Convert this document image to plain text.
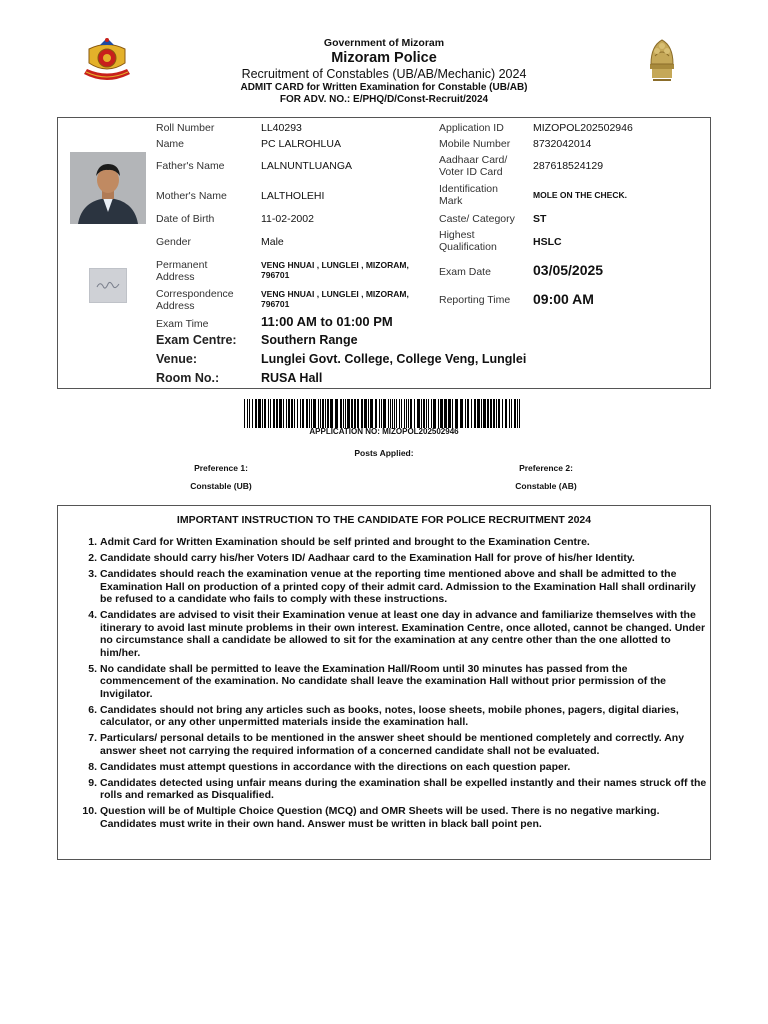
Government of Mizoram
Mizoram Police
Recruitment of Constables (UB/AB/Mechanic) 2024
ADMIT CARD for Written Examination for Constable (UB/AB)
FOR ADV. NO.: E/PHQ/D/Const-Recruit/2024
Roll Number	LL40293
Name	PC LALROHLUA
Father's Name	LALNUNTLUANGA
Mother's Name	LALTHOLEHI
Date of Birth	11-02-2002
Gender	Male
Permanent Address
VENG HNUAI , LUNGLEI , MIZORAM, 796701
Correspondence Address
VENG HNUAI , LUNGLEI , MIZORAM, 796701
Exam Time	11:00 AM to 01:00 PM
Exam Centre: Southern Range
Venue:	Lunglei Govt. College, College Veng, Lunglei
Room No.:	RUSA Hall
Application ID	MIZOPOL202502946
Mobile Number 8732042014
Aadhaar Card/ Voter ID Card	287618524129
Identification Mark	MOLE ON THE CHECK.
Caste/ Category ST
Highest Qualification	HSLC
Exam Date	03/05/2025
Reporting Time 09:00 AM
APPLICATION NO: MIZOPOL202502946
Posts Applied:
Preference 1:
Constable (UB)
Preference 2:
Constable (AB)
IMPORTANT INSTRUCTION TO THE CANDIDATE FOR POLICE RECRUITMENT 2024
1. Admit Card for Written Examination should be self printed and brought to the Examination Centre.
2. Candidate should carry his/her Voters ID/ Aadhaar card to the Examination Hall for prove of his/her Identity.
3. Candidates should reach the examination venue at the reporting time mentioned above and shall be admitted to the Examination Hall on production of a printed copy of their admit card. Admission to the Examination Hall shall ordinarily be refused to a candidate who fails to comply with these instructions.
4. Candidates are advised to visit their Examination venue at least one day in advance and familiarize themselves with the itinerary to avoid last minute problems in their own interest. Examination Centre, once alloted, cannot be changed. Under no circumstance shall a candidate be allowed to sit for the examination at any centre other than the one allotted to him/her.
5. No candidate shall be permitted to leave the Examination Hall/Room until 30 minutes has passed from the commencement of the examination. No candidate shall leave the examination Hall without prior permission of the Invigilator.
6. Candidates should not bring any articles such as books, notes, loose sheets, mobile phones, pagers, digital diaries, calculator, or any other unpermitted materials inside the examination hall.
7. Particulars/ personal details to be mentioned in the answer sheet should be mentioned completely and correctly. Any answer sheet not carrying the required information of a concerned candidate shall not be evaluated.
8. Candidates must attempt questions in accordance with the directions on each question paper.
9. Candidates detected using unfair means during the examination shall be expelled instantly and their names struck off the rolls and remarked as Disqualified.
10. Question will be of Multiple Choice Question (MCQ) and OMR Sheets will be used. There is no negative marking. Candidates must write in their own hand. Answer must be written in black ball point pen.
